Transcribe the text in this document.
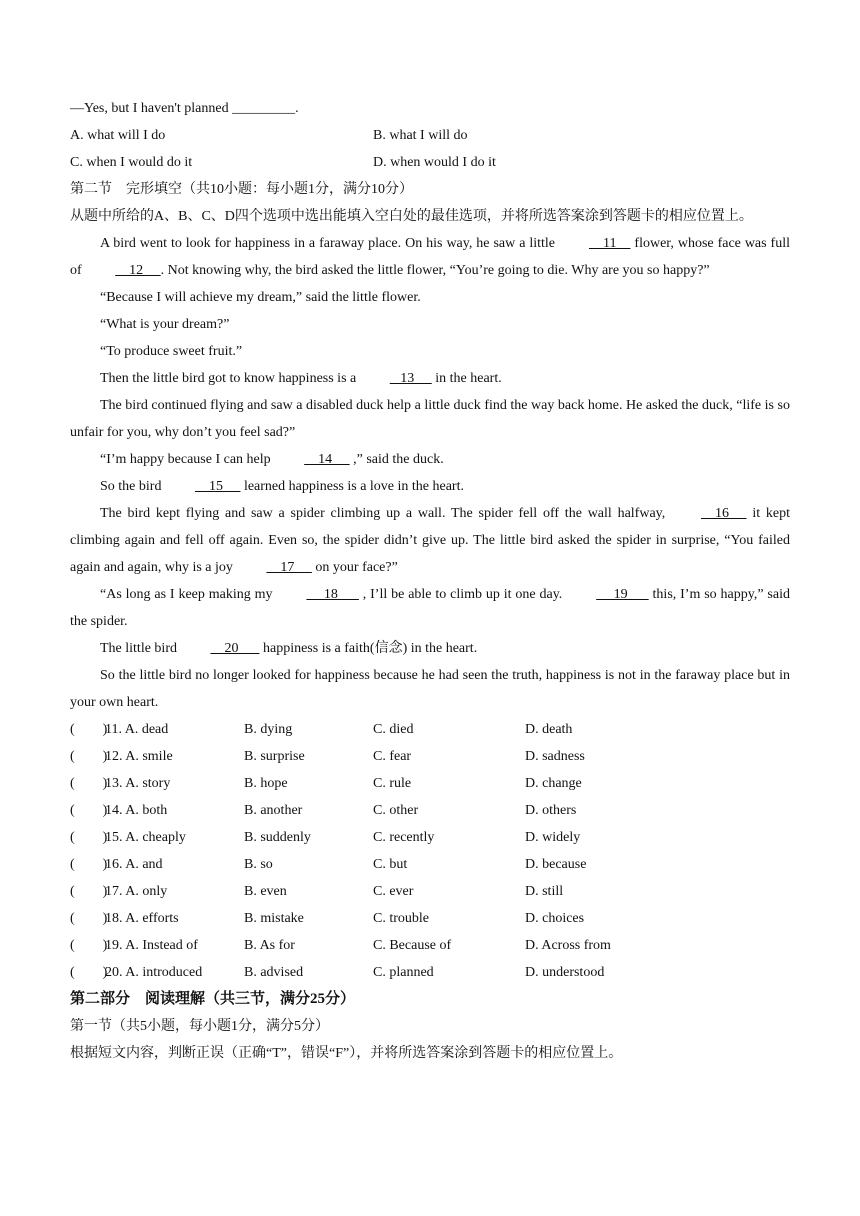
—Yes, but I haven't planned _________.
A. what will I do	B. what I will do
C. when I would do it	D. when would I do it
第二节　完形填空（共10小题：每小题1分，满分10分）
从题中所给的A、B、C、D四个选项中选出能填入空白处的最佳选项，并将所选答案涂到答题卡的相应位置上。
A bird went to look for happiness in a faraway place. On his way, he saw a little     11     flower, whose face was full of     12     . Not knowing why, the bird asked the little flower, “You’re going to die. Why are you so happy?”
“Because I will achieve my dream,” said the little flower.
“What is your dream?”
“To produce sweet fruit.”
Then the little bird got to know happiness is a    13      in the heart.
The bird continued flying and saw a disabled duck help a little duck find the way back home. He asked the duck, “life is so unfair for you, why don’t you feel sad?”
“I’m happy because I can help     14      ,” said the duck.
So the bird     15      learned happiness is a love in the heart.
The bird kept flying and saw a spider climbing up a wall. The spider fell off the wall halfway,     16      it kept climbing again and fell off again. Even so, the spider didn’t give up. The little bird asked the spider in surprise, “You failed again and again, why is a joy     17      on your face?”
“As long as I keep making my      18       , I’ll be able to climb up it one day.      19       this, I’m so happy,” said the spider.
The little bird     20       happiness is a faith(信念) in the heart.
So the little bird no longer looked for happiness because he had seen the truth, happiness is not in the faraway place but in your own heart.
(　　)
11. A. dead	B. dying	C. died	D. death
(　　)
12. A. smile	B. surprise	C. fear	D. sadness
(　　)
13. A. story	B. hope	C. rule	D. change
(　　)
14. A. both	B. another	C. other	D. others
(　　)
15. A. cheaply	B. suddenly	C. recently	D. widely
(　　)
16. A. and	B. so	C. but	D. because
(　　)
17. A. only	B. even	C. ever	D. still
(　　)
18. A. efforts	B. mistake	C. trouble	D. choices
(　　)
19. A. Instead of	B. As for	C. Because of	D. Across from
(　　)
20. A. introduced	B. advised	C. planned	D. understood
第二部分　阅读理解（共三节，满分25分）
第一节（共5小题，每小题1分，满分5分）
根据短文内容，判断正误（正确“T”，错误“F”），并将所选答案涂到答题卡的相应位置上。
